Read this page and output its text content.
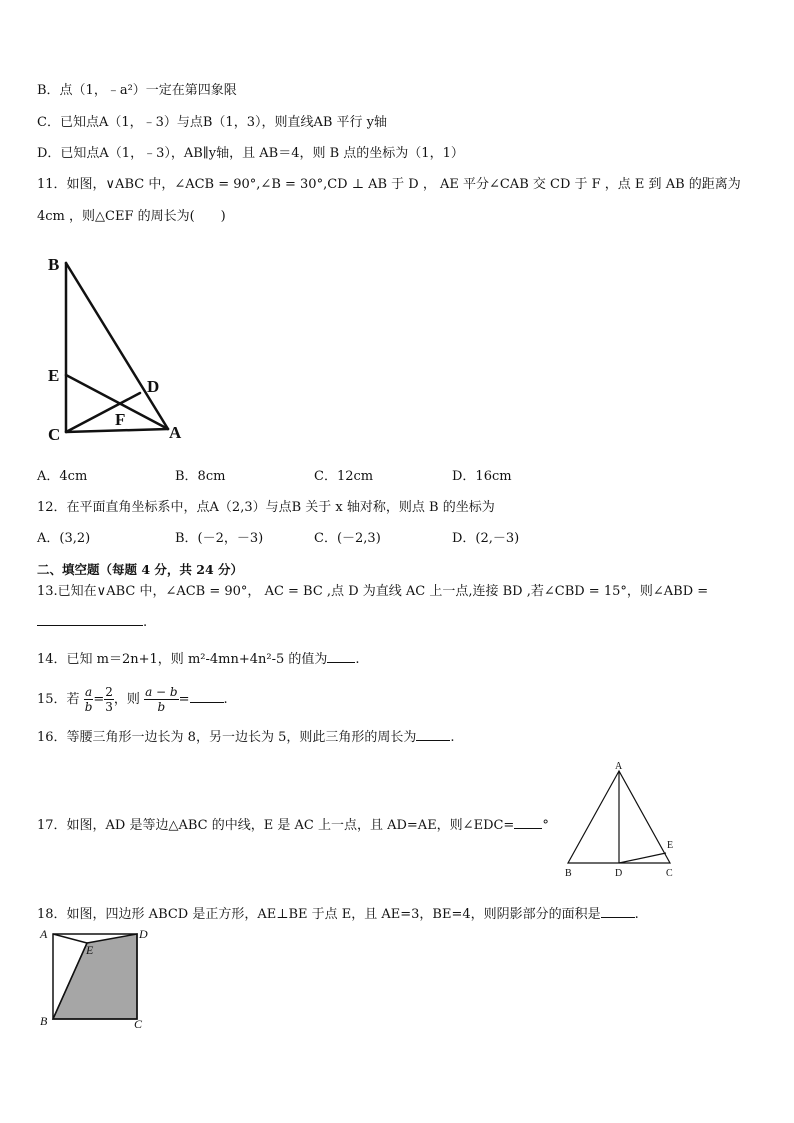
B．点（1，﹣a²）一定在第四象限
C．已知点A（1，﹣3）与点B（1，3），则直线AB 平行 y轴
D．已知点A（1，﹣3），AB∥y轴，且 AB＝4，则 B 点的坐标为（1，1）
11．如图，∨ABC 中，∠ACB = 90°,∠B = 30°,CD ⊥ AB 于 D ， AE 平分∠CAB 交 CD 于 F ，点 E 到 AB 的距离为
4cm ，则△CEF 的周长为(　　)
B
E
D
F
C	A
A．4cm	B．8cm	C．12cm	D．16cm
12．在平面直角坐标系中，点A（2,3）与点B 关于 x 轴对称，则点 B 的坐标为
A．(3,2)	B．(－2，－3)	C．(－2,3)	D．(2,－3)
二、填空题（每题 4 分，共 24 分）
13.已知在∨ABC 中，∠ACB = 90°， AC = BC ,点 D 为直线 AC 上一点,连接 BD ,若∠CBD = 15°，则∠ABD =
.
14．已知 m＝2n+1，则 m²-4mn+4n²-5 的值为 .
15．若 $\frac{a}{b} = \frac{2}{3}$ ，则 $\frac{a - b}{b}$ =	.
16．等腰三角形一边长为 8，另一边长为 5，则此三角形的周长为	.
17．如图，AD 是等边△ABC 的中线，E 是 AC 上一点，且 AD=AE，则∠EDC= °
A
B	D	C
E
18．如图，四边形 ABCD 是正方形，AE⊥BE 于点 E，且 AE=3，BE=4，则阴影部分的面积是	.
A	D
E
B	C
